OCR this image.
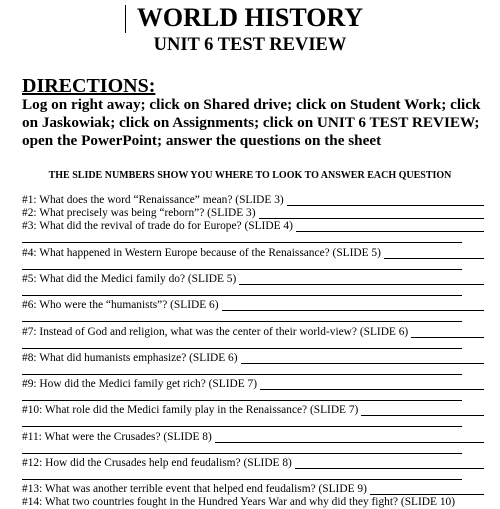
WORLD HISTORY
UNIT 6 TEST REVIEW
DIRECTIONS:
Log on right away; click on Shared drive; click on Student Work; click on Jaskowiak; click on Assignments; click on UNIT 6 TEST REVIEW; open the PowerPoint; answer the questions on the sheet
THE SLIDE NUMBERS SHOW YOU WHERE TO LOOK TO ANSWER EACH QUESTION
#1: What does the word “Renaissance” mean? (SLIDE 3)
#2: What precisely was being “reborn”? (SLIDE 3)
#3: What did the revival of trade do for Europe? (SLIDE 4)
#4: What happened in Western Europe because of the Renaissance? (SLIDE 5)
#5: What did the Medici family do? (SLIDE 5)
#6: Who were the “humanists”? (SLIDE 6)
#7: Instead of God and religion, what was the center of their world-view? (SLIDE 6)
#8: What did humanists emphasize? (SLIDE 6)
#9: How did the Medici family get rich? (SLIDE 7)
#10: What role did the Medici family play in the Renaissance? (SLIDE 7)
#11: What were the Crusades? (SLIDE 8)
#12: How did the Crusades help end feudalism? (SLIDE 8)
#13: What was another terrible event that helped end feudalism? (SLIDE 9)
#14: What two countries fought in the Hundred Years War and why did they fight? (SLIDE 10)
